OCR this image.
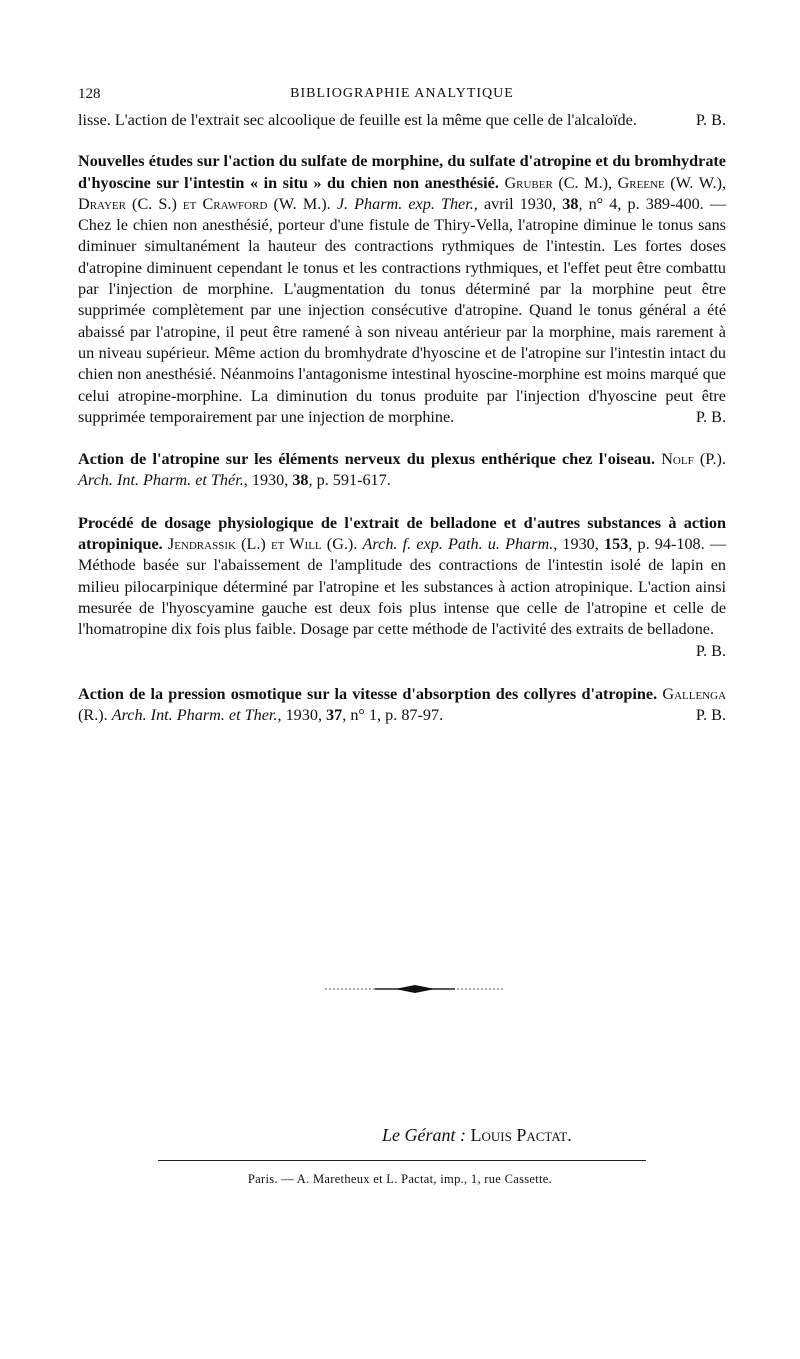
128	BIBLIOGRAPHIE ANALYTIQUE

P. B.
lisse. L'action de l'extrait sec alcoolique de feuille est la même que celle de l'alcaloïde.

Nouvelles études sur l'action du sulfate de morphine, du sulfate d'atropine et du bromhydrate d'hyoscine sur l'intestin « in situ » du chien non anesthésié. Gruber (C. M.), Greene (W. W.), Drayer (C. S.) et Crawford (W. M.). J. Pharm. exp. Ther., avril 1930, 38, n° 4, p. 389-400. — Chez le chien non anesthésié, porteur d'une fistule de Thiry-Vella, l'atropine diminue le tonus sans diminuer simultanément la hauteur des contractions rythmiques de l'intestin. Les fortes doses d'atropine diminuent cependant le tonus et les contractions rythmiques, et l'effet peut être combattu par l'injection de morphine. L'augmentation du tonus déterminé par la morphine peut être supprimée complètement par une injection consécutive d'atropine. Quand le tonus général a été abaissé par l'atropine, il peut être ramené à son niveau antérieur par la morphine, mais rarement à un niveau supérieur. Même action du bromhydrate d'hyoscine et de l'atropine sur l'intestin intact du chien non anesthésié. Néanmoins l'antagonisme intestinal hyoscine-morphine est moins marqué que celui atropine-morphine. La diminution du tonus produite par l'injection d'hyoscine peut être supprimée temporairement par une injection de morphine.	P. B.

Action de l'atropine sur les éléments nerveux du plexus enthérique chez l'oiseau. Nolf (P.). Arch. Int. Pharm. et Thér., 1930, 38, p. 591-617.

Procédé de dosage physiologique de l'extrait de belladone et d'autres substances à action atropinique. Jendrassik (L.) et Will (G.). Arch. f. exp. Path. u. Pharm., 1930, 153, p. 94-108. — Méthode basée sur l'abaissement de l'amplitude des contractions de l'intestin isolé de lapin en milieu pilocarpinique déterminé par l'atropine et les substances à action atropinique. L'action ainsi mesurée de l'hyoscyamine gauche est deux fois plus intense que celle de l'atropine et celle de l'homatropine dix fois plus faible. Dosage par cette méthode de l'activité des extraits de belladone.

P. B.

Action de la pression osmotique sur la vitesse d'absorption des collyres d'atropine. Gallenga (R.). Arch. Int. Pharm. et Ther., 1930, 37, n° 1, p. 87-97.	P. B.

Le Gérant : Louis Pactat.
Paris. — A. Maretheux et L. Pactat, imp., 1, rue Cassette.
